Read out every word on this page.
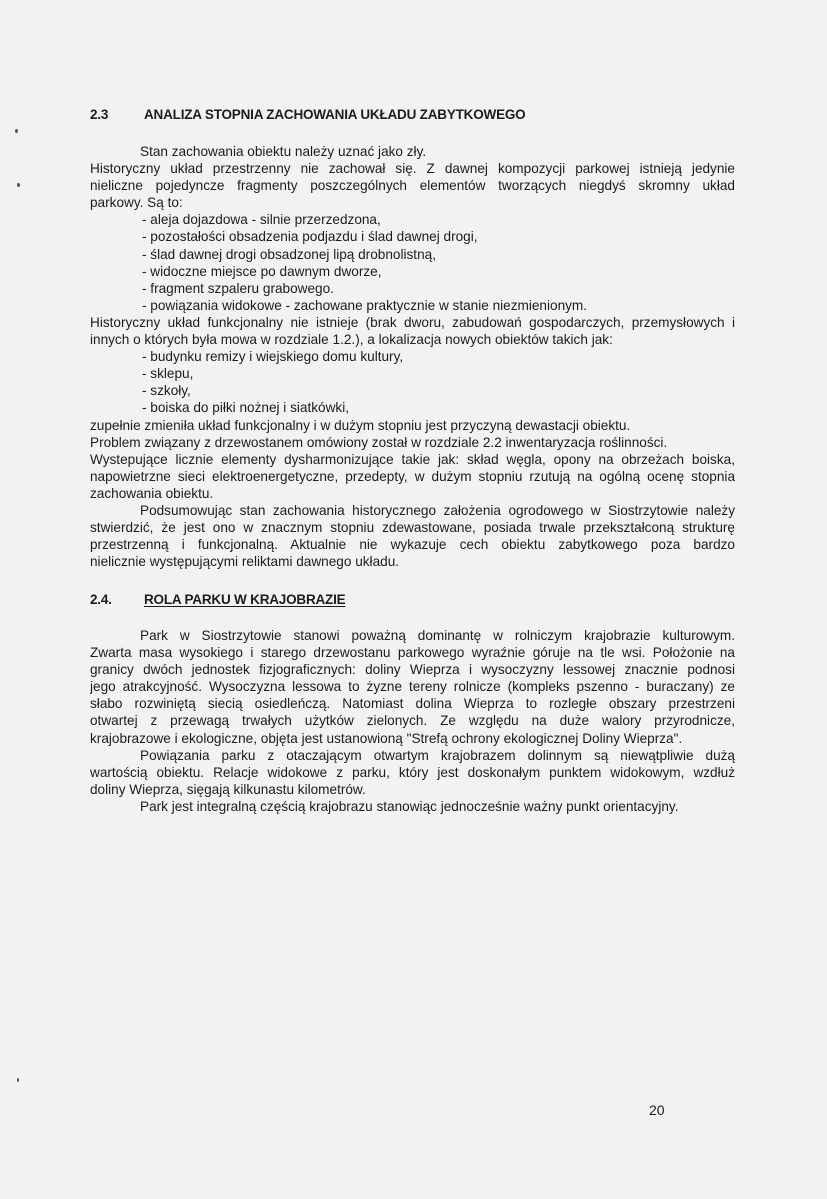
2.3	ANALIZA STOPNIA ZACHOWANIA UKŁADU ZABYTKOWEGO
Stan zachowania obiektu należy uznać jako zły.
Historyczny układ przestrzenny nie zachował się. Z dawnej kompozycji parkowej istnieją jedynie
nieliczne pojedyncze fragmenty poszczególnych elementów tworzących niegdyś skromny układ
parkowy. Są to:
- aleja dojazdowa - silnie przerzedzona,
- pozostałości obsadzenia podjazdu i ślad dawnej drogi,
- ślad dawnej drogi obsadzonej lipą drobnolistną,
- widoczne miejsce po dawnym dworze,
- fragment szpaleru grabowego.
- powiązania widokowe - zachowane praktycznie w stanie niezmienionym.
Historyczny układ funkcjonalny nie istnieje (brak dworu, zabudowań gospodarczych, przemysłowych i
innych o których była mowa w rozdziale 1.2.), a lokalizacja nowych obiektów takich jak:
- budynku remizy i wiejskiego domu kultury,
- sklepu,
- szkoły,
- boiska do piłki nożnej i siatkówki,
zupełnie zmieniła układ funkcjonalny i w dużym stopniu jest przyczyną dewastacji obiektu.
Problem związany z drzewostanem omówiony został w rozdziale 2.2 inwentaryzacja roślinności.
Wystepujące licznie elementy dysharmonizujące takie jak: skład węgla, opony na obrzeżach boiska,
napowietrzne sieci elektroenergetyczne, przedepty, w dużym stopniu rzutują na ogólną ocenę stopnia
zachowania obiektu.
Podsumowując stan zachowania historycznego założenia ogrodowego w Siostrzytowie należy
stwierdzić, że jest ono w znacznym stopniu zdewastowane, posiada trwale przekształconą strukturę
przestrzenną i funkcjonalną. Aktualnie nie wykazuje cech obiektu zabytkowego poza bardzo
nielicznie występującymi reliktami dawnego układu.
2.4. ROLA PARKU W KRAJOBRAZIE
Park w Siostrzytowie stanowi poważną dominantę w rolniczym krajobrazie kulturowym.
Zwarta masa wysokiego i starego drzewostanu parkowego wyraźnie góruje na tle wsi. Położonie na
granicy dwóch jednostek fizjograficznych: doliny Wieprza i wysoczyzny lessowej znacznie podnosi
jego atrakcyjność. Wysoczyzna lessowa to żyzne tereny rolnicze (kompleks pszenno - buraczany) ze
słabo rozwiniętą siecią osiedleńczą. Natomiast dolina Wieprza to rozległe obszary przestrzeni
otwartej z przewagą trwałych użytków zielonych. Ze względu na duże walory przyrodnicze,
krajobrazowe i ekologiczne, objęta jest ustanowioną "Strefą ochrony ekologicznej Doliny Wieprza".
Powiązania parku z otaczającym otwartym krajobrazem dolinnym są niewątpliwie dużą
wartością obiektu. Relacje widokowe z parku, który jest doskonałym punktem widokowym, wzdłuż
doliny Wieprza, sięgają kilkunastu kilometrów.
Park jest integralną częścią krajobrazu stanowiąc jednocześnie ważny punkt orientacyjny.
20
